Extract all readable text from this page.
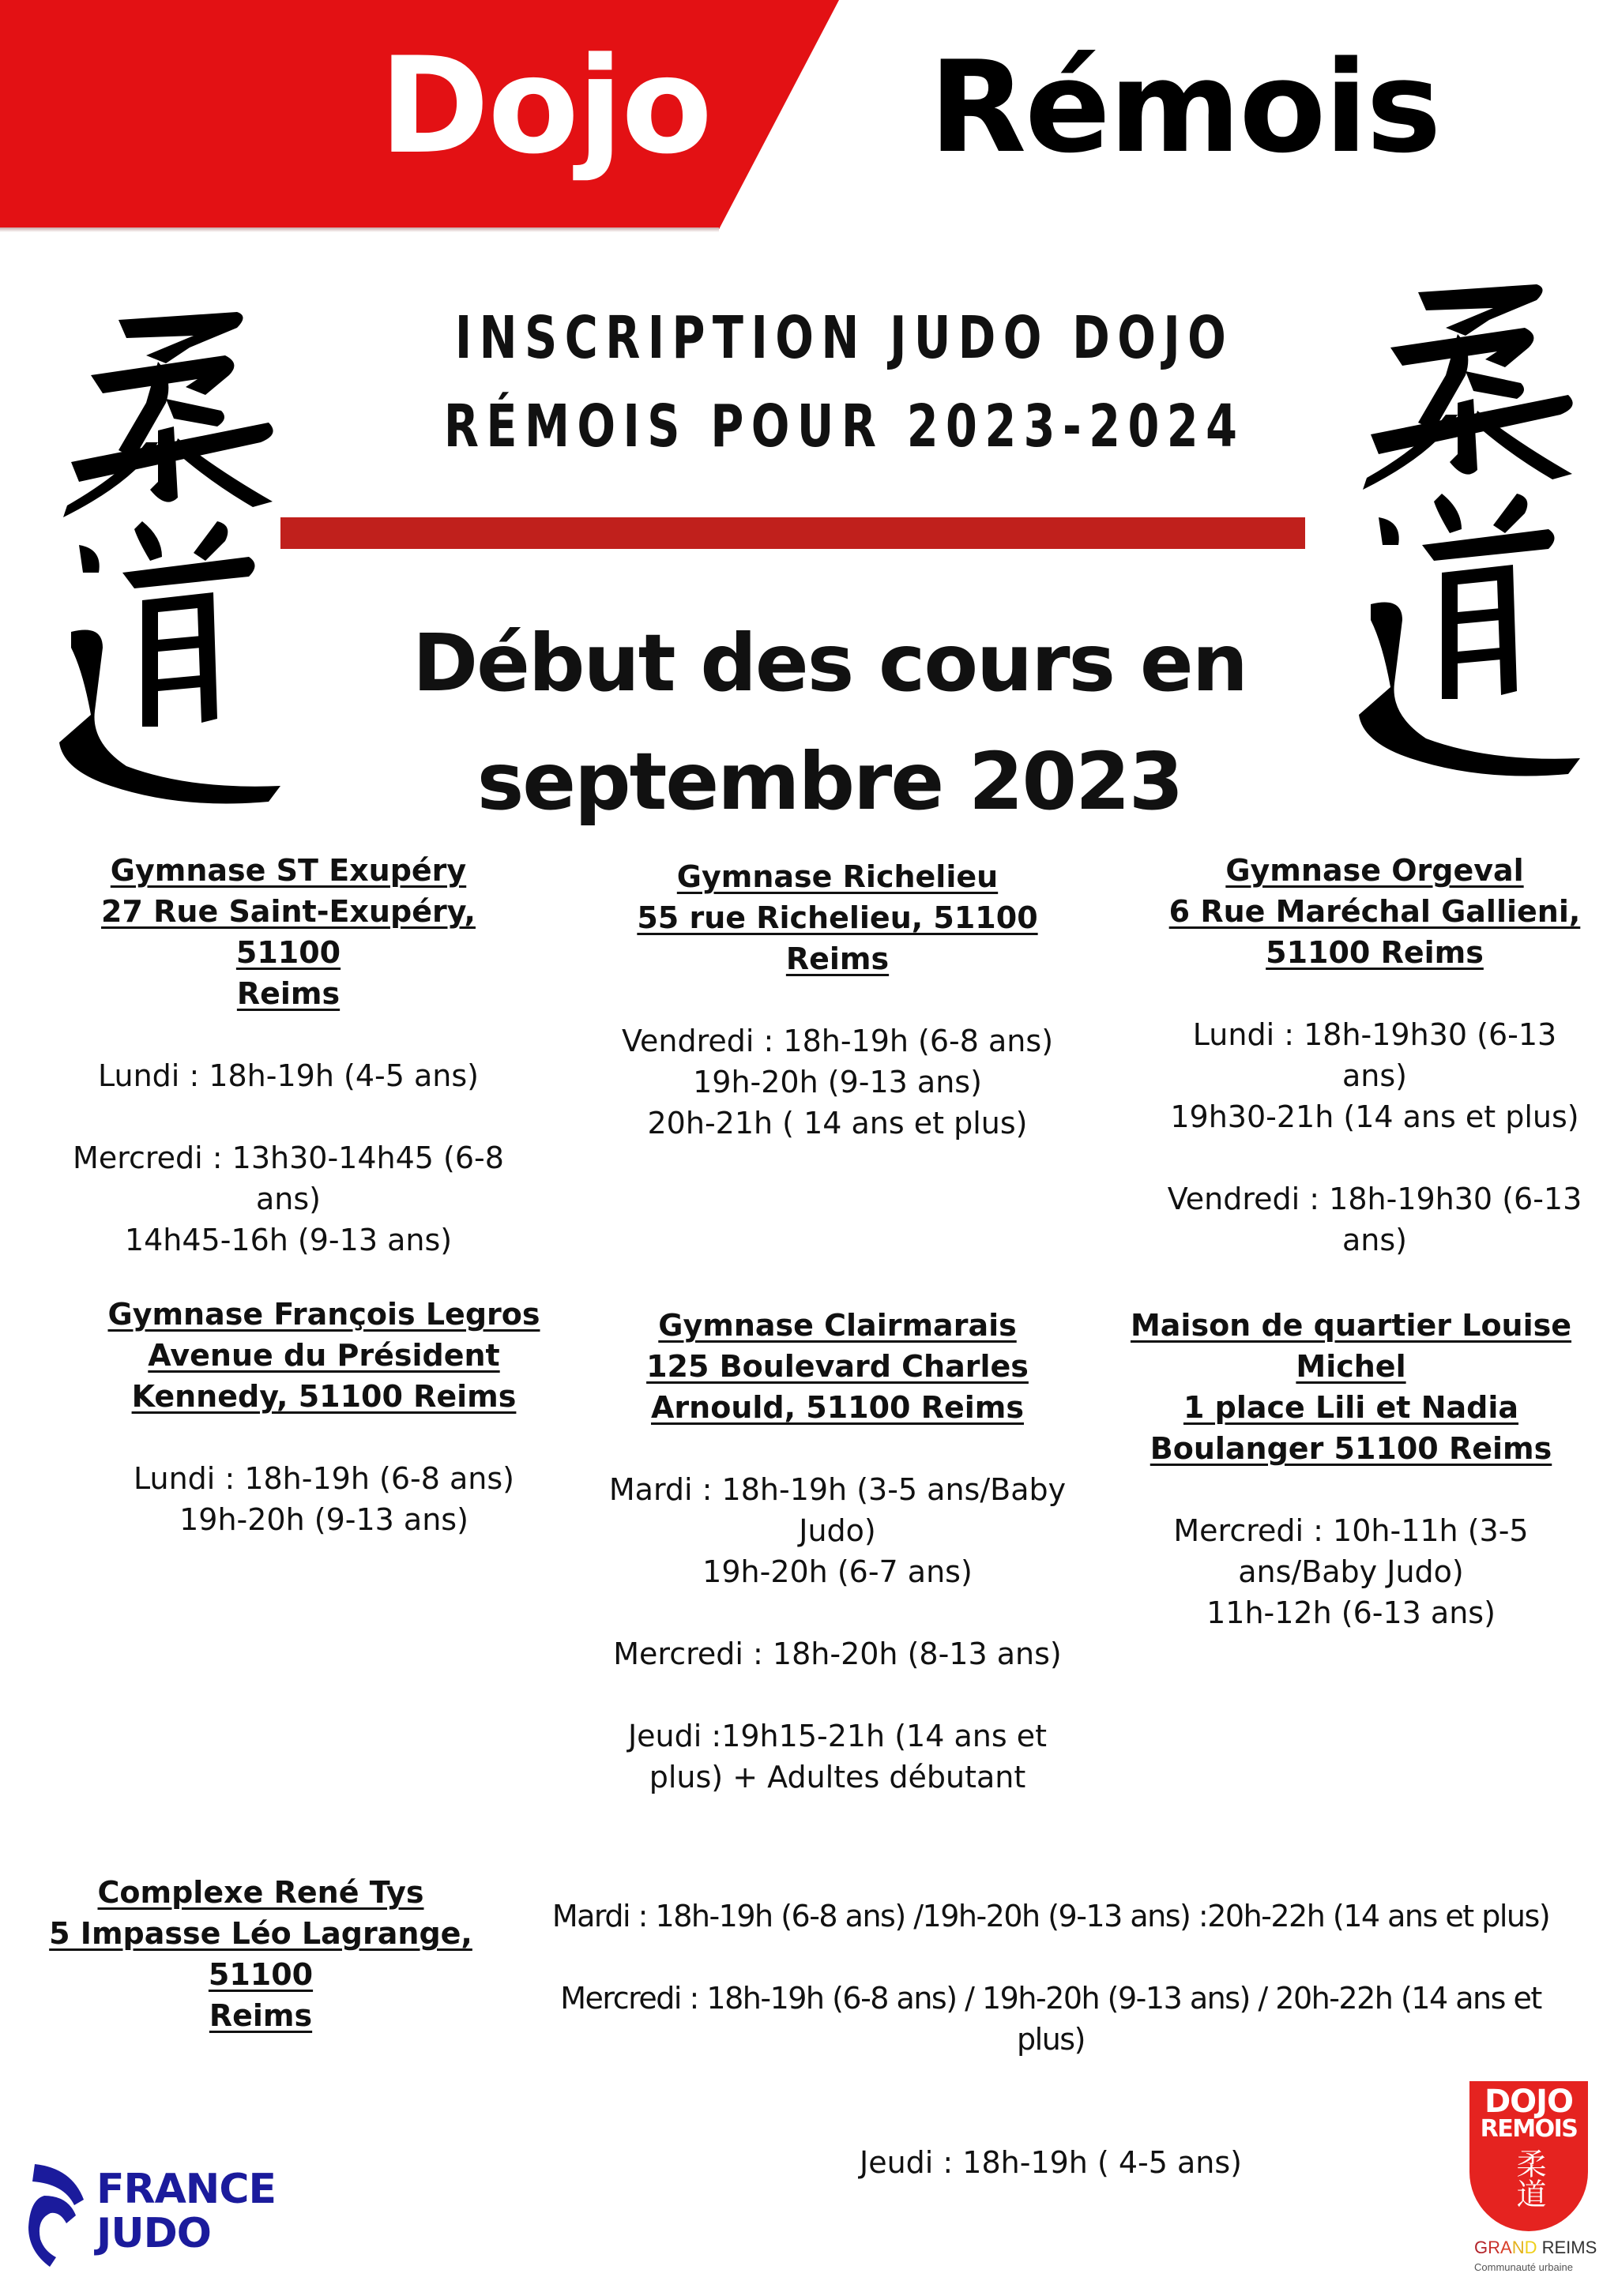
Dojo Rémois
INSCRIPTION JUDO DOJO
RÉMOIS POUR 2023-2024
Début des cours en
septembre 2023
Gymnase ST Exupéry
27 Rue Saint-Exupéry, 51100
Reims
Lundi : 18h-19h (4-5 ans)
Mercredi : 13h30-14h45 (6-8
ans)
14h45-16h (9-13 ans)
Gymnase Richelieu
55 rue Richelieu, 51100 Reims
Vendredi : 18h-19h (6-8 ans)
19h-20h (9-13 ans)
20h-21h ( 14 ans et plus)
Gymnase Orgeval
6 Rue Maréchal Gallieni,
51100 Reims
Lundi : 18h-19h30 (6-13
ans)
19h30-21h (14 ans et plus)
Vendredi : 18h-19h30 (6-13
ans)
Gymnase François Legros
Avenue du Président
Kennedy, 51100 Reims
Lundi : 18h-19h (6-8 ans)
19h-20h (9-13 ans)
Gymnase Clairmarais
125 Boulevard Charles
Arnould, 51100 Reims
Mardi : 18h-19h (3-5 ans/Baby
Judo)
19h-20h (6-7 ans)
Mercredi : 18h-20h (8-13 ans)
Jeudi :19h15-21h (14 ans et
plus) + Adultes débutant
Maison de quartier Louise
Michel
1 place Lili et Nadia
Boulanger 51100 Reims
Mercredi : 10h-11h (3-5
ans/Baby Judo)
11h-12h (6-13 ans)
Complexe René Tys
5 Impasse Léo Lagrange, 51100
Reims
Mardi : 18h-19h (6-8 ans) /19h-20h (9-13 ans) :20h-22h (14 ans et plus)
Mercredi : 18h-19h (6-8 ans) / 19h-20h (9-13 ans) / 20h-22h (14 ans et
plus)
Jeudi : 18h-19h ( 4-5 ans)
FRANCE
JUDO
DOJO
REMOIS
柔道
GRAND REIMS
Communauté urbaine
